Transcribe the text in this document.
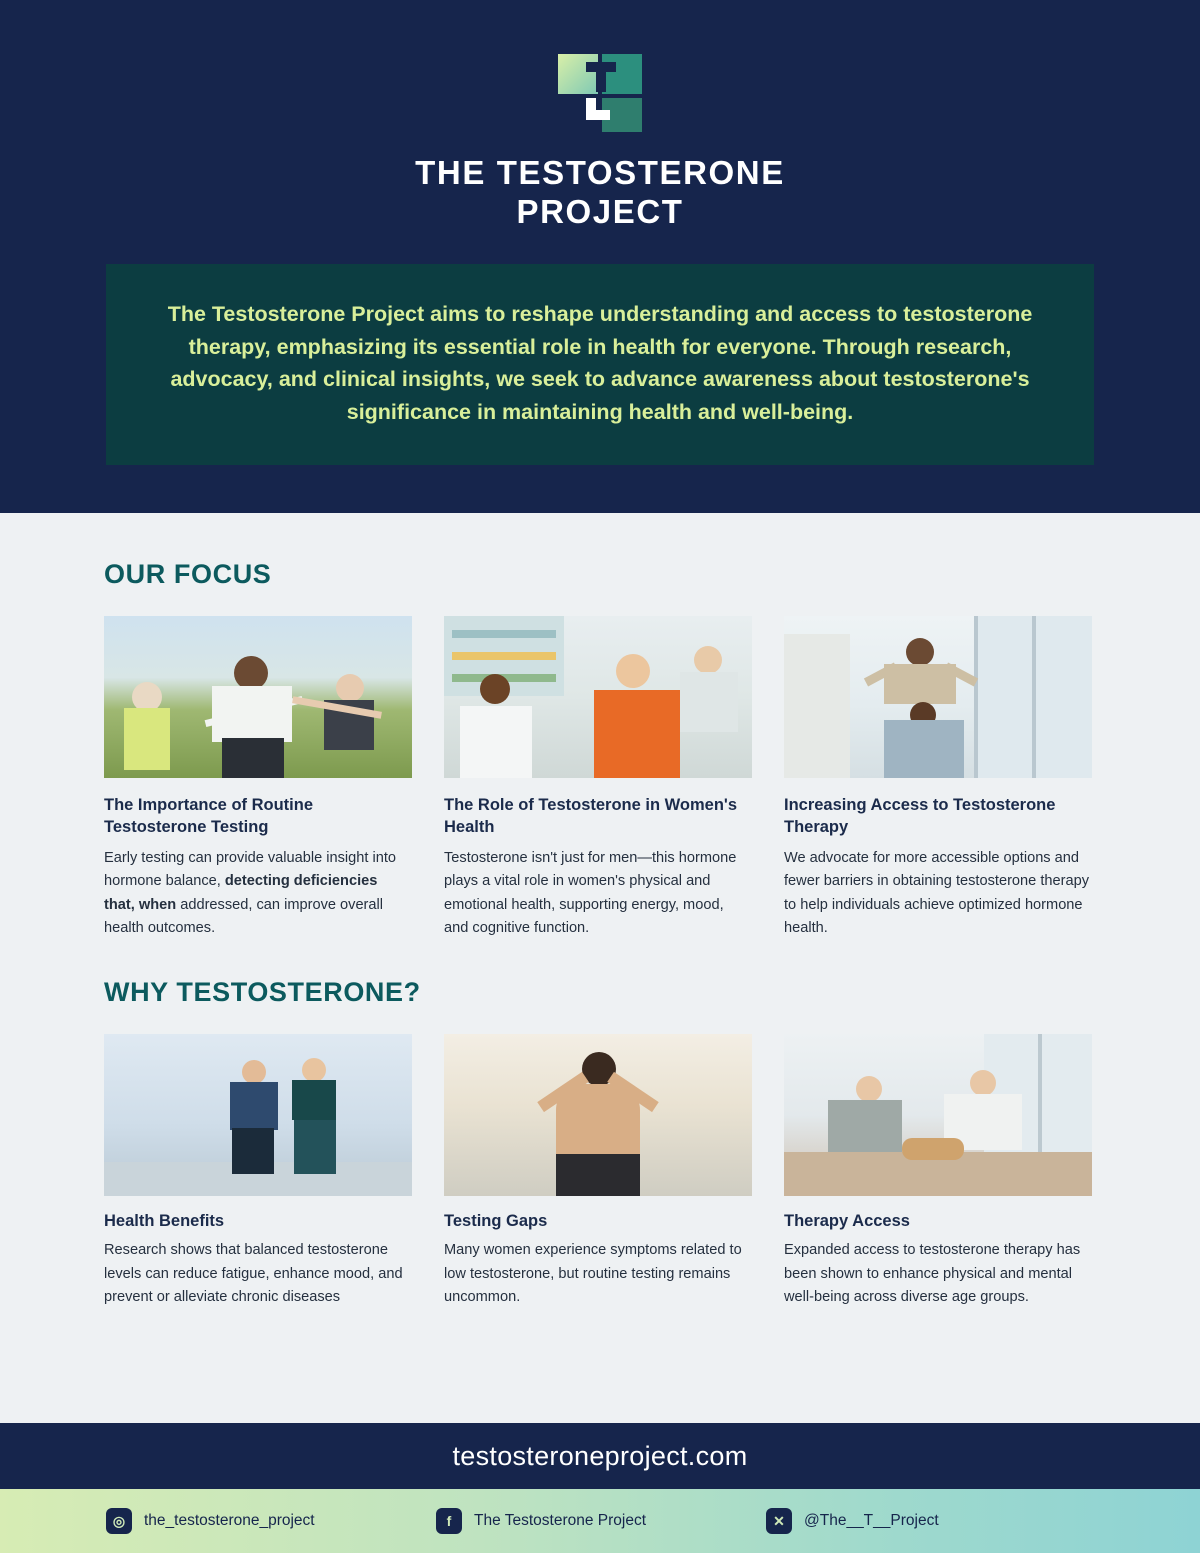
THE TESTOSTERONE
PROJECT

The Testosterone Project aims to reshape understanding and access to testosterone therapy, emphasizing its essential role in health for everyone. Through research, advocacy, and clinical insights, we seek to advance awareness about testosterone's significance in maintaining health and well-being.

OUR FOCUS
The Importance of Routine Testosterone Testing
Early testing can provide valuable insight into hormone balance, detecting deficiencies that, when addressed, can improve overall health outcomes.
The Role of Testosterone in Women's Health
Testosterone isn't just for men—this hormone plays a vital role in women's physical and emotional health, supporting energy, mood, and cognitive function.
Increasing Access to Testosterone Therapy
We advocate for more accessible options and fewer barriers in obtaining testosterone therapy to help individuals achieve optimized hormone health.
WHY TESTOSTERONE?
Health Benefits
Research shows that balanced testosterone levels can reduce fatigue, enhance mood, and prevent or alleviate chronic diseases
Testing Gaps
Many women experience symptoms related to low testosterone, but routine testing remains uncommon.
Therapy Access
Expanded access to testosterone therapy has been shown to enhance physical and mental well-being across diverse age groups.
testosteroneproject.com
◎	the_testosterone_project	f	The Testosterone Project	✕	@The__T__Project
